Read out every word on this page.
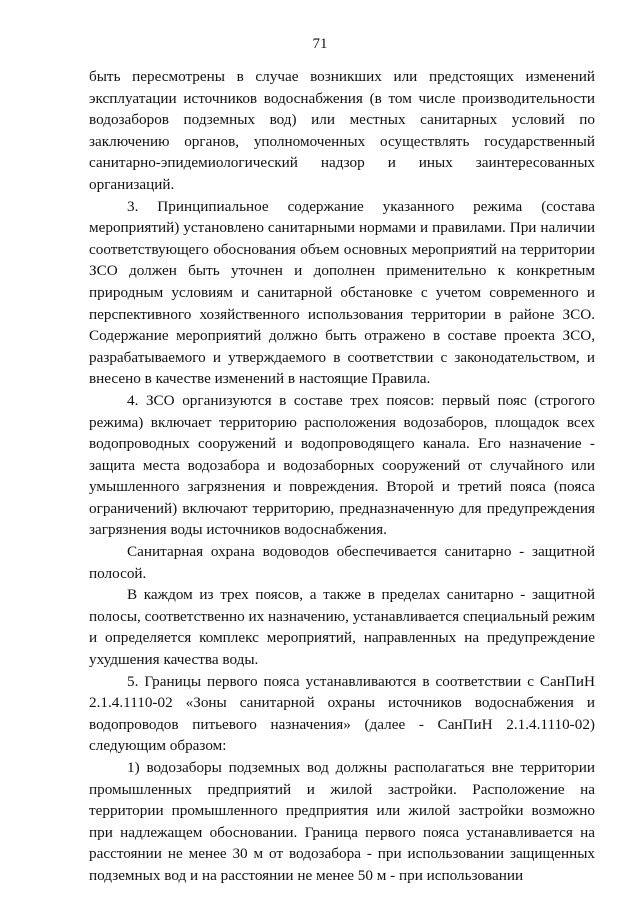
71

быть пересмотрены в случае возникших или предстоящих изменений эксплуатации источников водоснабжения (в том числе производительности водозаборов подземных вод) или местных санитарных условий по заключению органов, уполномоченных осуществлять государственный санитарно-эпидемиологический надзор и иных заинтересованных организаций.

3. Принципиальное содержание указанного режима (состава мероприятий) установлено санитарными нормами и правилами. При наличии соответствующего обоснования объем основных мероприятий на территории ЗСО должен быть уточнен и дополнен применительно к конкретным природным условиям и санитарной обстановке с учетом современного и перспективного хозяйственного использования территории в районе ЗСО. Содержание мероприятий должно быть отражено в составе проекта ЗСО, разрабатываемого и утверждаемого в соответствии с законодательством, и внесено в качестве изменений в настоящие Правила.

4. ЗСО организуются в составе трех поясов: первый пояс (строгого режима) включает территорию расположения водозаборов, площадок всех водопроводных сооружений и водопроводящего канала. Его назначение - защита места водозабора и водозаборных сооружений от случайного или умышленного загрязнения и повреждения. Второй и третий пояса (пояса ограничений) включают территорию, предназначенную для предупреждения загрязнения воды источников водоснабжения.

Санитарная охрана водоводов обеспечивается санитарно - защитной полосой.

В каждом из трех поясов, а также в пределах санитарно - защитной полосы, соответственно их назначению, устанавливается специальный режим и определяется комплекс мероприятий, направленных на предупреждение ухудшения качества воды.

5. Границы первого пояса устанавливаются в соответствии с СанПиН 2.1.4.1110-02 «Зоны санитарной охраны источников водоснабжения и водопроводов питьевого назначения» (далее - СанПиН 2.1.4.1110-02) следующим образом:

1) водозаборы подземных вод должны располагаться вне территории промышленных предприятий и жилой застройки. Расположение на территории промышленного предприятия или жилой застройки возможно при надлежащем обосновании. Граница первого пояса устанавливается на расстоянии не менее 30 м от водозабора - при использовании защищенных подземных вод и на расстоянии не менее 50 м - при использовании
